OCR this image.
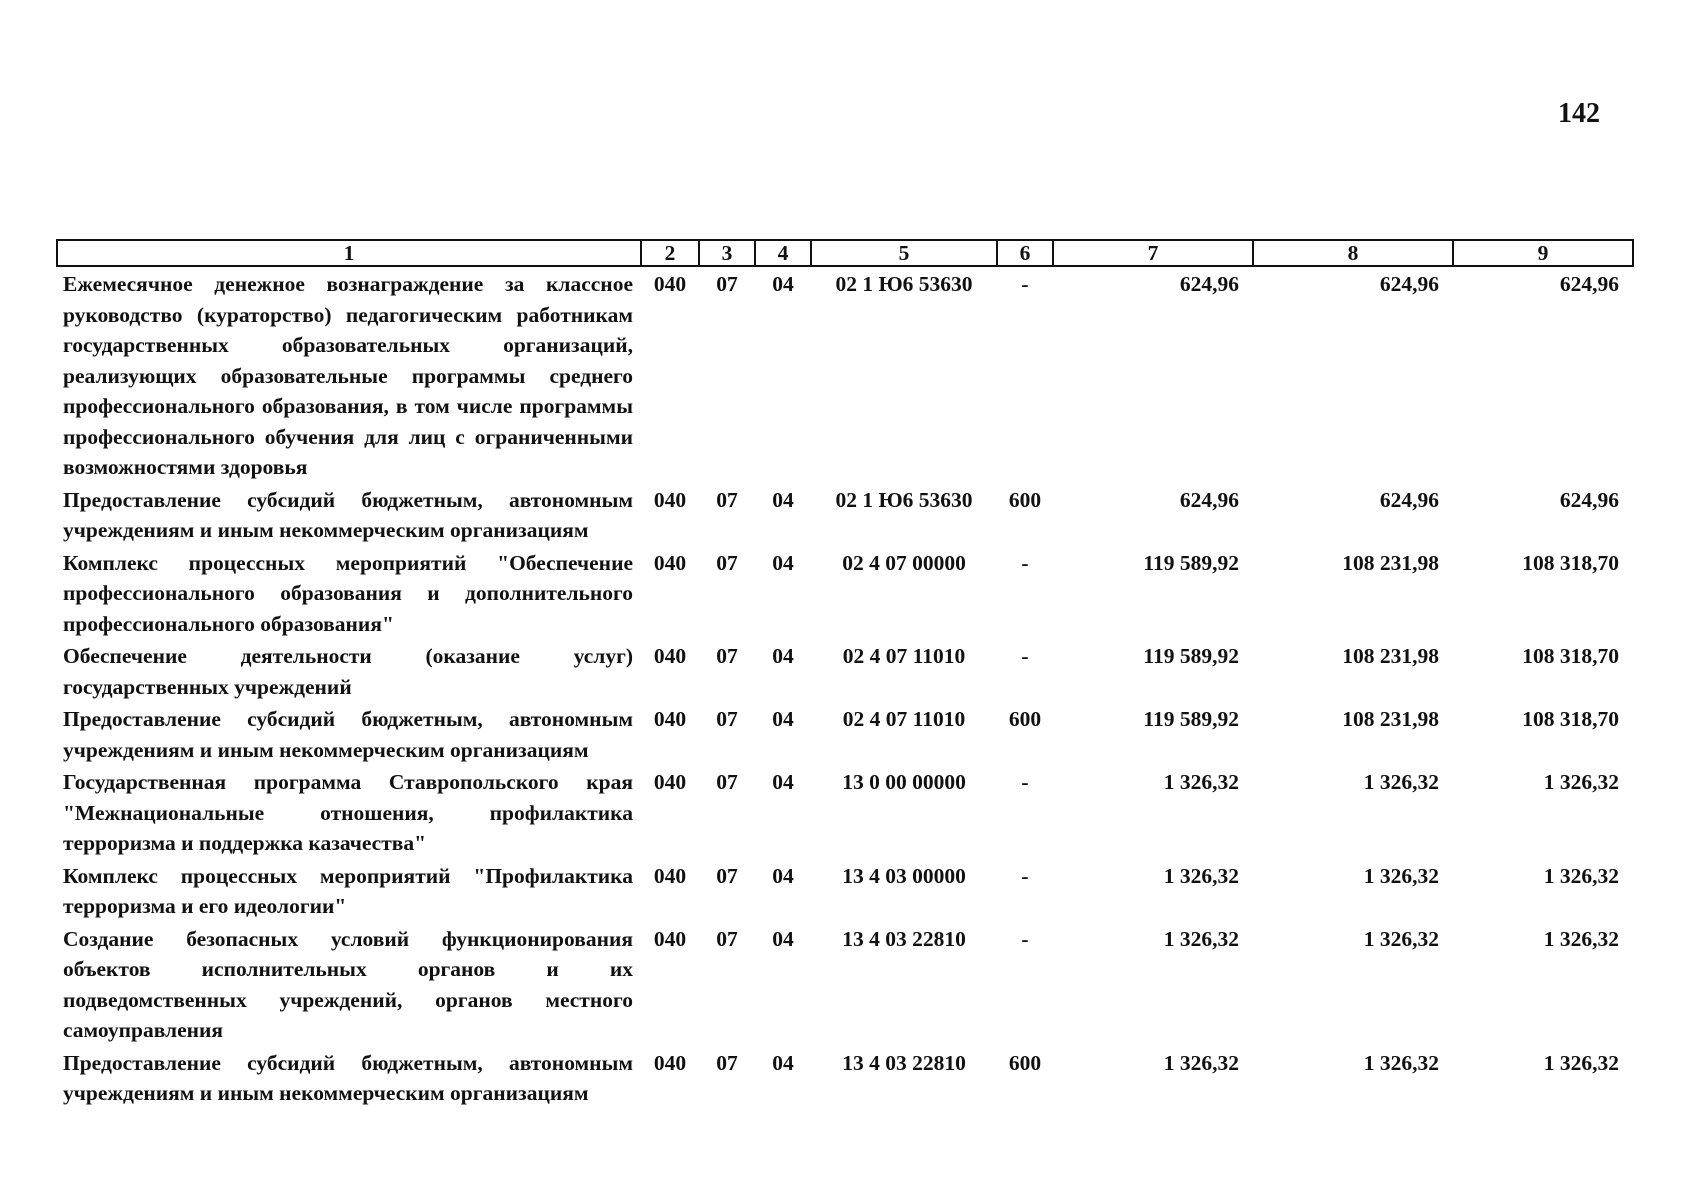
142
1	2	3	4	5	6	7	8	9
Ежемесячное денежное вознаграждение за классное руководство (кураторство) педагогическим работникам государственных образовательных организаций, реализующих образовательные программы среднего профессионального образования, в том числе программы профессионального обучения для лиц с ограниченными возможностями здоровья	040	07	04	02 1 Ю6 53630	-	624,96	624,96	624,96
Предоставление субсидий бюджетным, автономным учреждениям и иным некоммерческим организациям	040	07	04	02 1 Ю6 53630	600	624,96	624,96	624,96
Комплекс процессных мероприятий "Обеспечение профессионального образования и дополнительного профессионального образования"	040	07	04	02 4 07 00000	-	119 589,92	108 231,98	108 318,70
Обеспечение деятельности (оказание услуг) государственных учреждений	040	07	04	02 4 07 11010	-	119 589,92	108 231,98	108 318,70
Предоставление субсидий бюджетным, автономным учреждениям и иным некоммерческим организациям	040	07	04	02 4 07 11010	600	119 589,92	108 231,98	108 318,70
Государственная программа Ставропольского края "Межнациональные отношения, профилактика терроризма и поддержка казачества"	040	07	04	13 0 00 00000	-	1 326,32	1 326,32	1 326,32
Комплекс процессных мероприятий "Профилактика терроризма и его идеологии"	040	07	04	13 4 03 00000	-	1 326,32	1 326,32	1 326,32
Создание безопасных условий функционирования объектов исполнительных органов и их подведомственных учреждений, органов местного самоуправления	040	07	04	13 4 03 22810	-	1 326,32	1 326,32	1 326,32
Предоставление субсидий бюджетным, автономным учреждениям и иным некоммерческим организациям	040	07	04	13 4 03 22810	600	1 326,32	1 326,32	1 326,32
